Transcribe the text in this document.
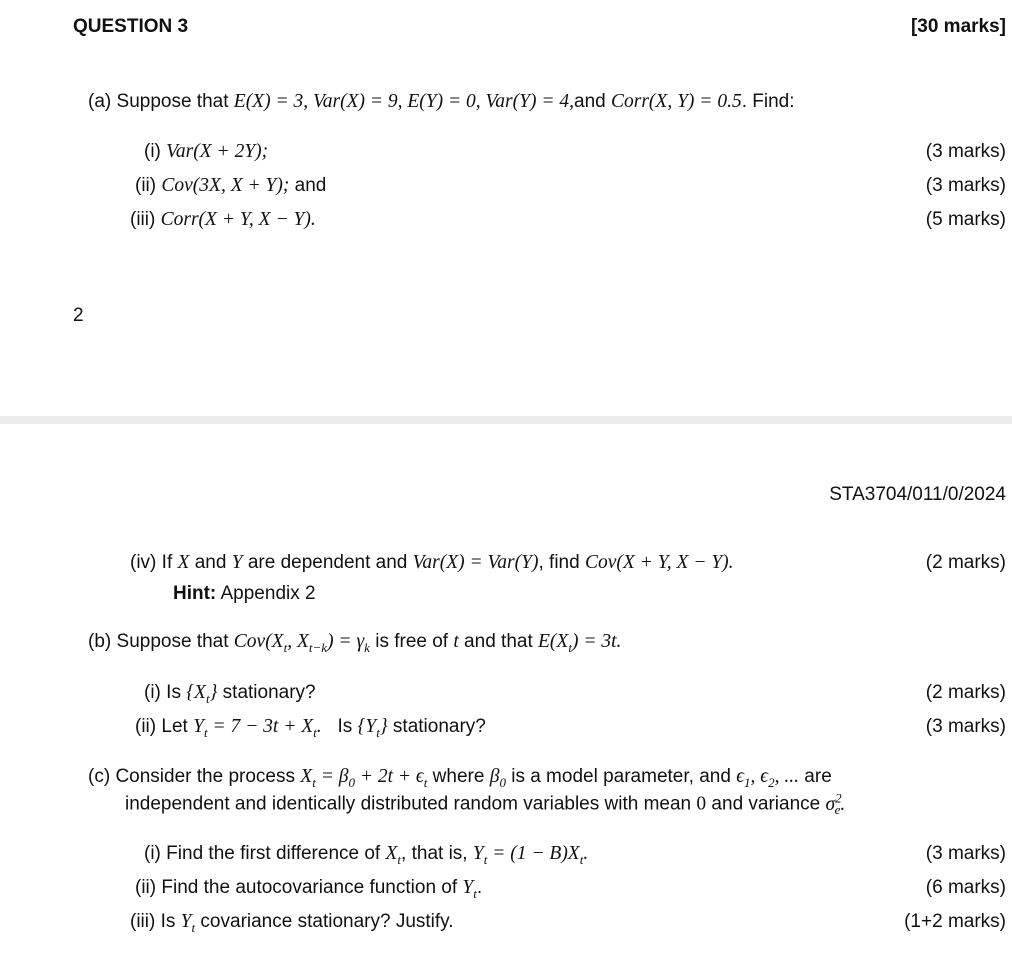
QUESTION 3	[30 marks]
(a) Suppose that E(X) = 3, Var(X) = 9, E(Y) = 0, Var(Y) = 4,and Corr(X, Y) = 0.5. Find:
(i) Var(X + 2Y);	(3 marks)
(ii) Cov(3X, X + Y); and	(3 marks)
(iii) Corr(X + Y, X − Y).	(5 marks)
2
STA3704/011/0/2024
(iv) If X and Y are dependent and Var(X) = Var(Y), find Cov(X + Y, X − Y).	(2 marks)
Hint: Appendix 2
(b) Suppose that $Cov(X_t$, $X_{t-k}) = \gamma_k$ is free of t and that $E(X_t) = 3t$.
(i) Is $\{X_t\}$ stationary?	(2 marks)
(ii) Let $Y_t = 7 - 3t + X_t$. Is $\{Y_t\}$ stationary?	(3 marks)
(c) Consider the process $X_t = \beta_0 + 2t + \epsilon_t$ where $\beta_0$ is a model parameter, and $\epsilon_1$, $\epsilon_2$, ... are
independent and identically distributed random variables with mean 0 and variance $\sigma^2_e$.
(i) Find the first difference of $X_t$, that is, $Y_t = (1 - B)X_t$.	(3 marks)
(ii) Find the autocovariance function of $Y_t$.	(6 marks)
(iii) Is $Y_t$ covariance stationary? Justify.	(1+2 marks)
